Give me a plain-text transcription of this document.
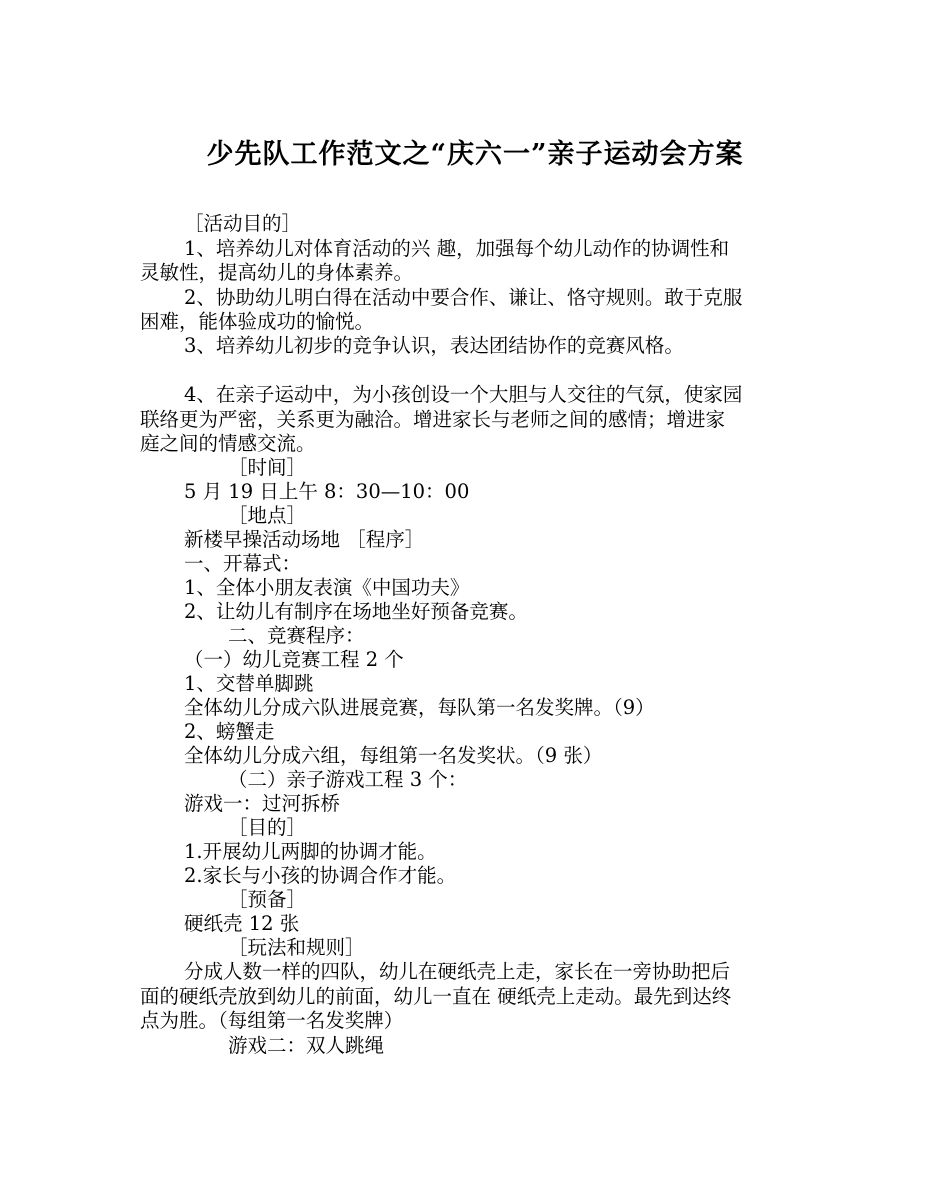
少先队工作范文之“庆六一”亲子运动会方案
［活动目的］
1、培养幼儿对体育活动的兴 趣，加强每个幼儿动作的协调性和
灵敏性，提高幼儿的身体素养。
2、协助幼儿明白得在活动中要合作、谦让、恪守规则。敢于克服
困难，能体验成功的愉悦。
3、培养幼儿初步的竞争认识，表达团结协作的竞赛风格。
4、在亲子运动中，为小孩创设一个大胆与人交往的气氛，使家园
联络更为严密，关系更为融洽。增进家长与老师之间的感情；增进家
庭之间的情感交流。
［时间］
5 月 19 日上午 8：30—10：00
［地点］
新楼早操活动场地 ［程序］
一、开幕式：
1、全体小朋友表演《中国功夫》
2、让幼儿有制序在场地坐好预备竞赛。
二、竞赛程序：
（一）幼儿竞赛工程 2 个
1、交替单脚跳
全体幼儿分成六队进展竞赛，每队第一名发奖牌。（9）
2、螃蟹走
全体幼儿分成六组，每组第一名发奖状。（9 张）
（二）亲子游戏工程 3 个：
游戏一：过河拆桥
［目的］
1.开展幼儿两脚的协调才能。
2.家长与小孩的协调合作才能。
［预备］
硬纸壳 12 张
［玩法和规则］
分成人数一样的四队，幼儿在硬纸壳上走，家长在一旁协助把后
面的硬纸壳放到幼儿的前面，幼儿一直在 硬纸壳上走动。最先到达终
点为胜。（每组第一名发奖牌）
游戏二：双人跳绳
